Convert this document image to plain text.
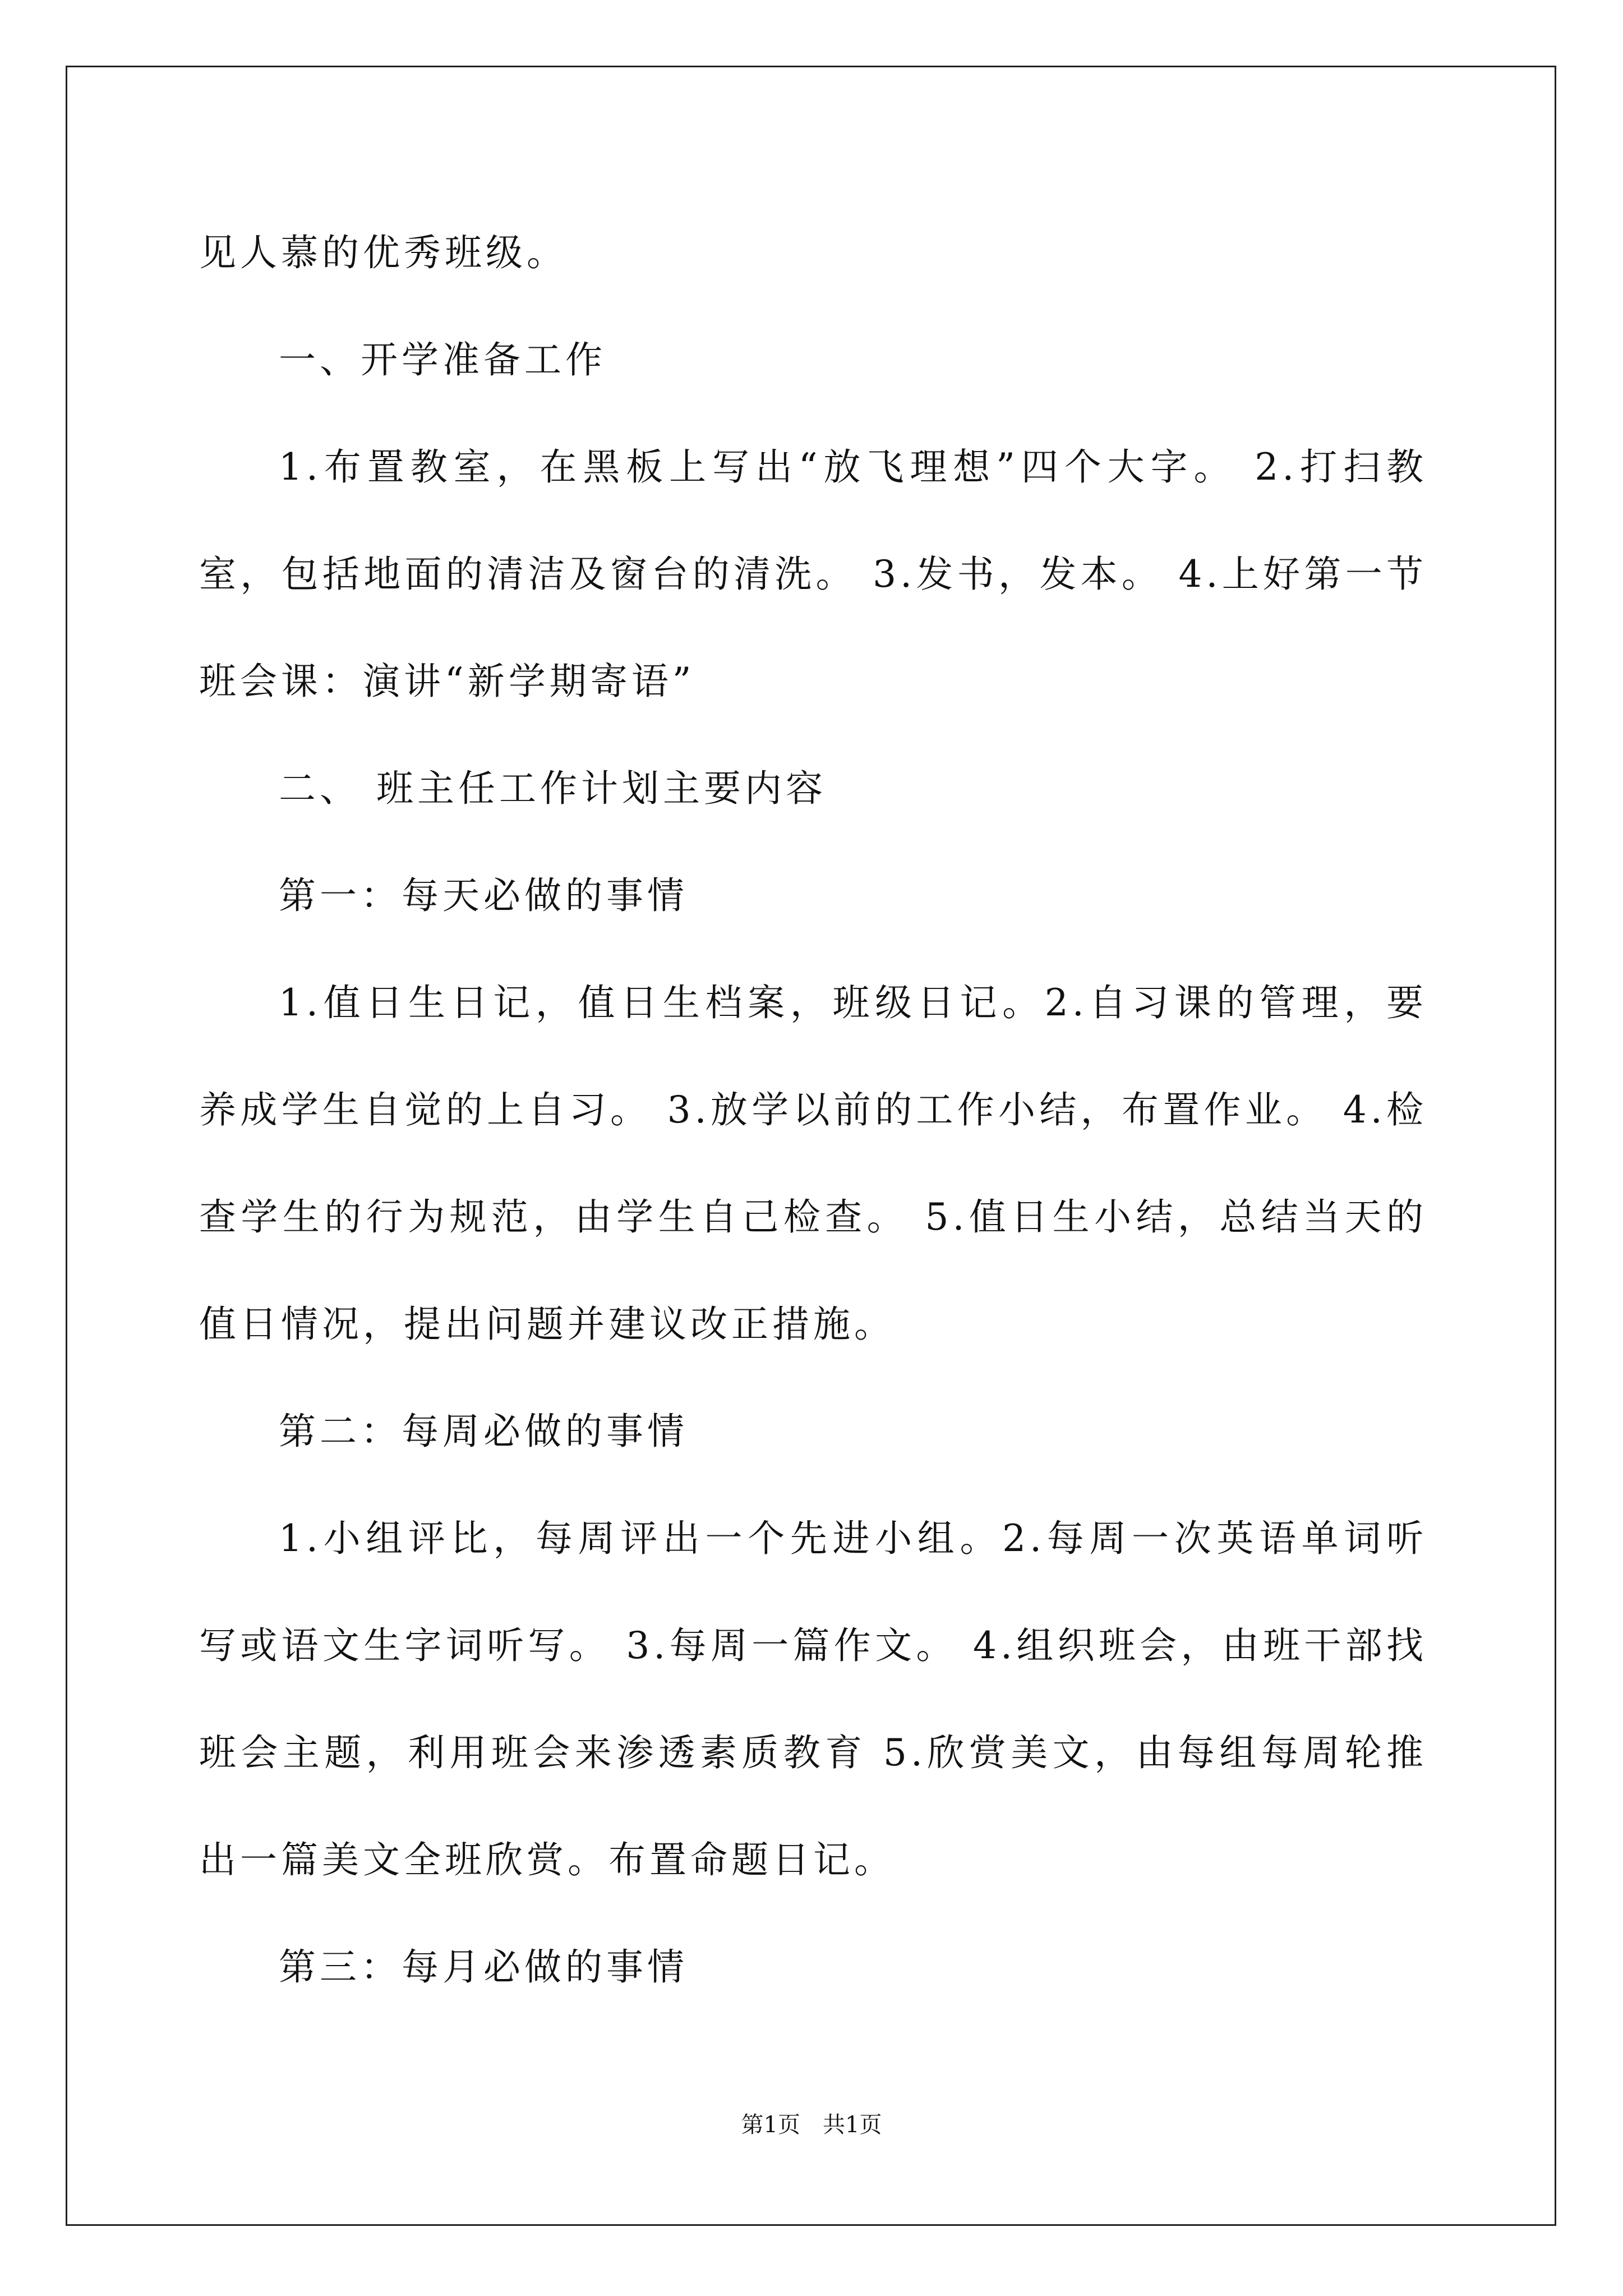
见人慕的优秀班级。

一、开学准备工作

1.布置教室，在黑板上写出“放飞理想”四个大字。 2.打扫教室，包括地面的清洁及窗台的清洗。 3.发书，发本。 4.上好第一节班会课：演讲“新学期寄语”

二、 班主任工作计划主要内容

第一：每天必做的事情

1.值日生日记，值日生档案，班级日记。2.自习课的管理，要养成学生自觉的上自习。 3.放学以前的工作小结，布置作业。 4.检查学生的行为规范，由学生自己检查。 5.值日生小结，总结当天的值日情况，提出问题并建议改正措施。

第二：每周必做的事情

1.小组评比，每周评出一个先进小组。2.每周一次英语单词听写或语文生字词听写。 3.每周一篇作文。 4.组织班会，由班干部找班会主题，利用班会来渗透素质教育 5.欣赏美文，由每组每周轮推出一篇美文全班欣赏。布置命题日记。

第三：每月必做的事情

第1页　共1页
